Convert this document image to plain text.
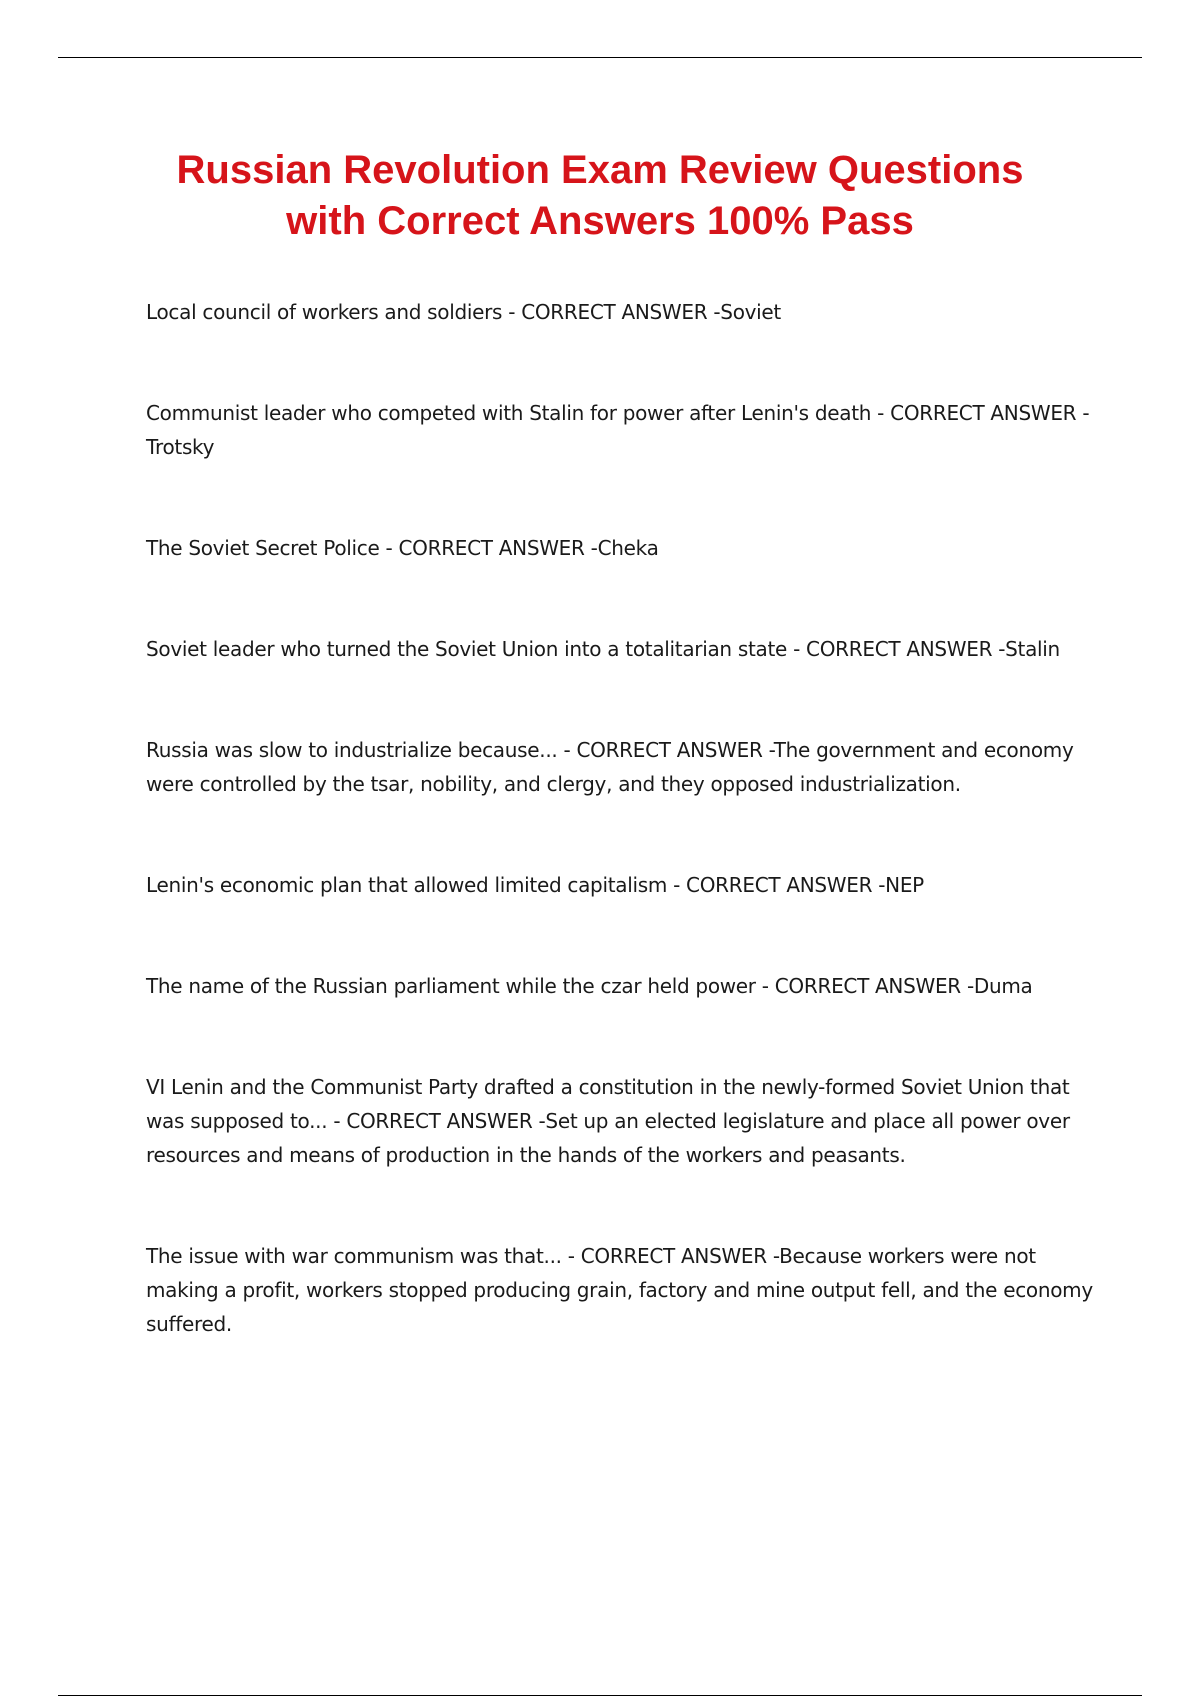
Russian Revolution Exam Review Questions
with Correct Answers 100% Pass
Local council of workers and soldiers - CORRECT ANSWER -Soviet
Communist leader who competed with Stalin for power after Lenin's death - CORRECT ANSWER -Trotsky
The Soviet Secret Police - CORRECT ANSWER -Cheka
Soviet leader who turned the Soviet Union into a totalitarian state - CORRECT ANSWER -Stalin
Russia was slow to industrialize because... - CORRECT ANSWER -The government and economy were controlled by the tsar, nobility, and clergy, and they opposed industrialization.
Lenin's economic plan that allowed limited capitalism - CORRECT ANSWER -NEP
The name of the Russian parliament while the czar held power - CORRECT ANSWER -Duma
VI Lenin and the Communist Party drafted a constitution in the newly-formed Soviet Union that was supposed to... - CORRECT ANSWER -Set up an elected legislature and place all power over resources and means of production in the hands of the workers and peasants.
The issue with war communism was that... - CORRECT ANSWER -Because workers were not making a profit, workers stopped producing grain, factory and mine output fell, and the economy suffered.
